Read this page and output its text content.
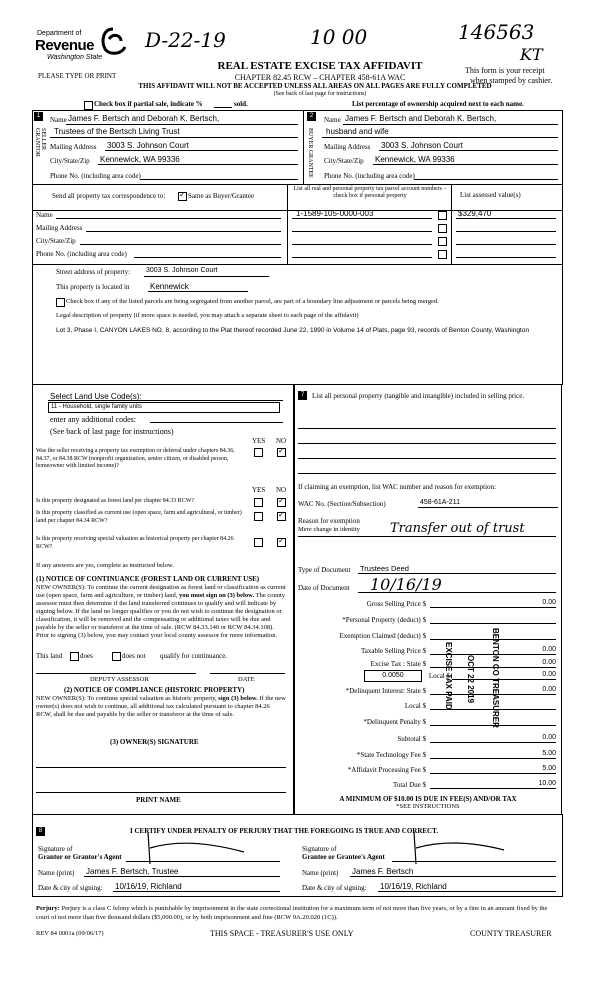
D-22-19	10 00	146563
KT
Department of
Revenue
Washington State
PLEASE TYPE OR PRINT
REAL ESTATE EXCISE TAX AFFIDAVIT
CHAPTER 82.45 RCW – CHAPTER 458-61A WAC
THIS AFFIDAVIT WILL NOT BE ACCEPTED UNLESS ALL AREAS ON ALL PAGES ARE FULLY COMPLETED
(See back of last page for instructions)
This form is your receipt
when stamped by cashier.
Check box if partial sale, indicate %	sold.	List percentage of ownership acquired next to each name.
1
SELLER GRANTOR
Name James F. Bertsch and Deborah K. Bertsch,
Trustees of the Bertsch Living Trust
Mailing Address 3003 S. Johnson Court
City/State/Zip Kennewick, WA 99336
Phone No. (including area code)
2
BUYER GRANTEE
Name James F. Bertsch and Deborah K. Bertsch,
husband and wife
Mailing Address 3003 S. Johnson Court
City/State/Zip Kennewick, WA 99336
Phone No. (including area code)
Send all property tax correspondence to:
✓	Same as Buyer/Grantee
List all real and personal property tax parcel account numbers – check box if personal property	List assessed value(s)
Name
Mailing Address
City/State/Zip
Phone No. (including area code)
1-1589-105-0000-003	$329,470
Street address of property: 3003 S. Johnson Court
This property is located in	Kennewick
Check box if any of the listed parcels are being segregated from another parcel, are part of a boundary line adjustment or parcels being merged.
Legal description of property (if more space is needed, you may attach a separate sheet to each page of the affidavit)
Lot 3, Phase I, CANYON LAKES NO. 8, according to the Plat thereof recorded June 22, 1990 in Volume 14 of Plats, page 93, records of Benton County, Washington
Select Land Use Code(s):
11 - Household, single family units
enter any additional codes:
(See back of last page for instructions)
YES NO
Was the seller receiving a property tax exemption or deferral under chapters 84.36, 84.37, or 84.38 RCW (nonprofit organization, senior citizen, or disabled person, homeowner with limited income)?
✓
YES NO
Is this property designated as forest land per chapter 84.33 RCW?
✓
Is this property classified as current use (open space, farm and agricultural, or timber) land per chapter 84.34 RCW?
✓
Is this property receiving special valuation as historical property per chapter 84.26 RCW?
✓
If any answers are yes, complete as instructed below.
(1) NOTICE OF CONTINUANCE (FOREST LAND OR CURRENT USE)
NEW OWNER(S): To continue the current designation as forest land or classification as current use (open space, farm and agriculture, or timber) land, you must sign on (3) below. The county assessor must then determine if the land transferred continues to qualify and will indicate by signing below. If the land no longer qualifies or you do not wish to continue the designation or classification, it will be removed and the compensating or additional taxes will be due and payable by the seller or transferor at the time of sale. (RCW 84.33.140 or RCW 84.34.108). Prior to signing (3) below, you may contact your local county assessor for more information.
This land	does	does not qualify for continuance.
DEPUTY ASSESSOR	DATE
(2) NOTICE OF COMPLIANCE (HISTORIC PROPERTY)
NEW OWNER(S): To continue special valuation as historic property, sign (3) below. If the new owner(s) does not wish to continue, all additional tax calculated pursuant to chapter 84.26 RCW, shall be due and payable by the seller or transferor at the time of sale.
(3) OWNER(S) SIGNATURE
PRINT NAME
7	List all personal property (tangible and intangible) included in selling price.
If claiming an exemption, list WAC number and reason for exemption:
WAC No. (Section/Subsection)	458-61A-211
Reason for exemption
Mere change in identity Transfer out of trust
Type of Document Trustees Deed
Date of Document 10/16/19
Gross Selling Price $	0.00
*Personal Property (deduct) $
Exemption Claimed (deduct) $
Taxable Selling Price $	0.00
Excise Tax : State $	0.00
0.0050	Local $	0.00
*Delinquent Interest: State $	0.00
Local $
*Delinquent Penalty $
Subtotal $	0.00
*State Technology Fee $	5.00
*Affidavit Processing Fee $	5.00
Total Due $	10.00
A MINIMUM OF $10.00 IS DUE IN FEE(S) AND/OR TAX
*SEE INSTRUCTIONS
BENTON CO TREASURER
EXCISE TAX PAID OCT 22 2019
8	I CERTIFY UNDER PENALTY OF PERJURY THAT THE FOREGOING IS TRUE AND CORRECT.
Signature of
Grantor or Grantor's Agent
Name (print) James F. Bertsch, Trustee
Date & city of signing: 10/16/19, Richland
Signature of
Grantee or Grantee's Agent
Name (print) James F. Bertsch
Date & city of signing: 10/16/19, Richland
Perjury: Perjury is a class C felony which is punishable by imprisonment in the state correctional institution for a maximum term of not more than five years, or by a fine in an amount fixed by the court of not more than five thousand dollars ($5,000.00), or by both imprisonment and fine (RCW 9A.20.020 (1C)).
REV 84 0001a (09/06/17)	THIS SPACE - TREASURER'S USE ONLY	COUNTY TREASURER
